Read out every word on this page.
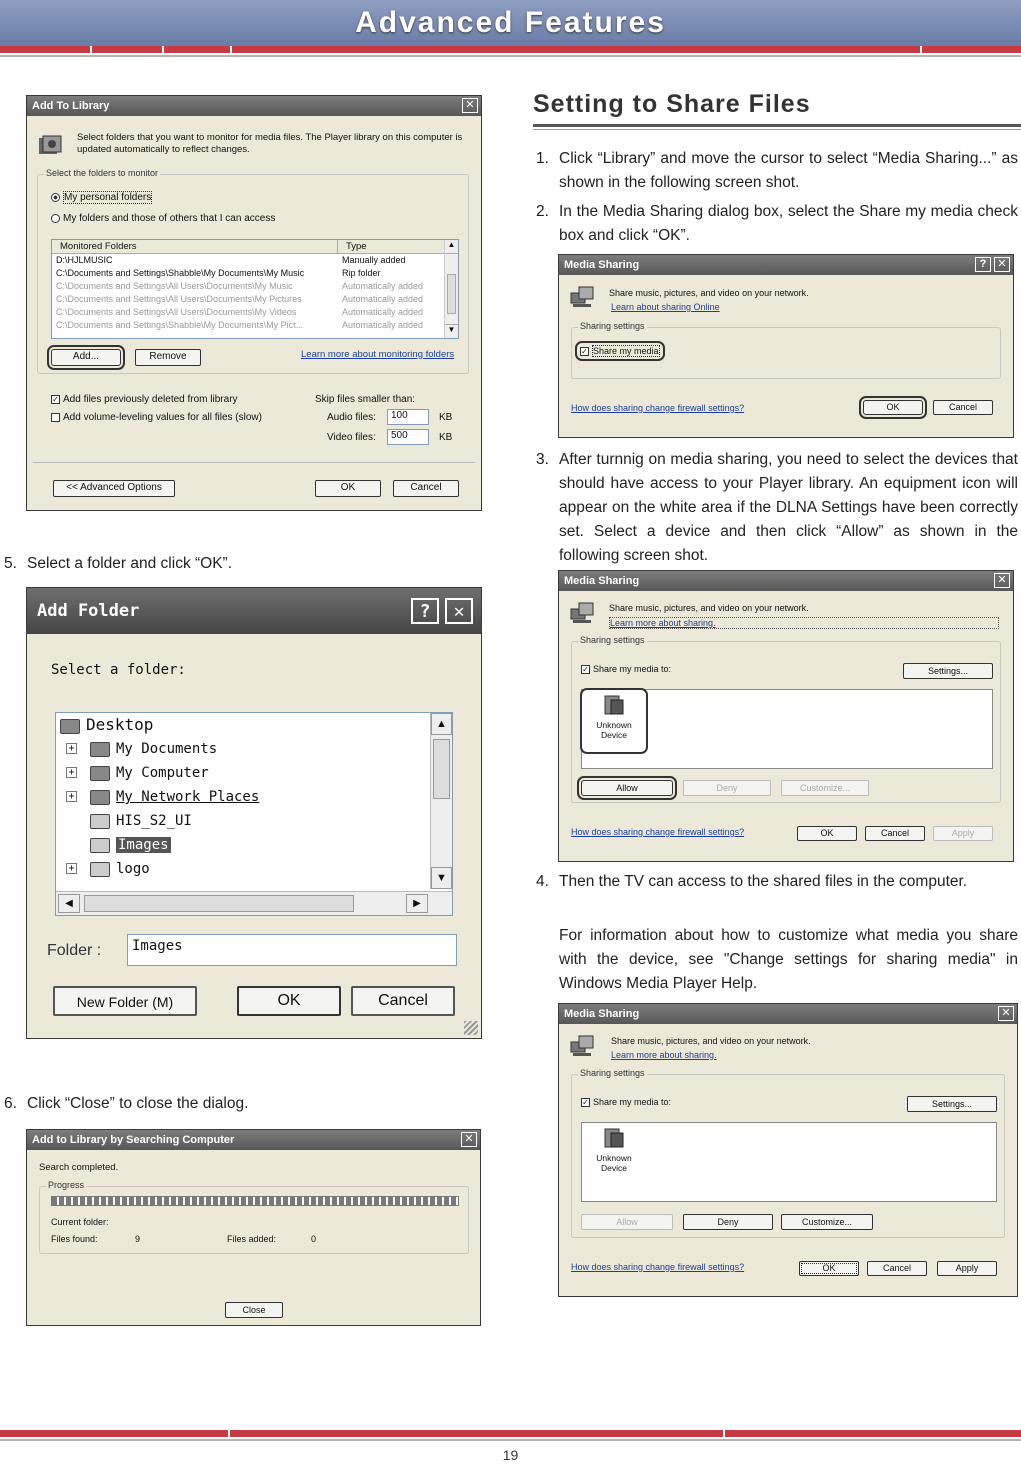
Advanced Features
Setting to Share Files
Add To Library	✕
Select folders that you want to monitor for media files. The Player library on this computer is updated automatically to reflect changes.
Select the folders to monitor
My personal folders
My folders and those of others that I can access
Monitored Folders	Type
D:\HJLMUSIC	Manually added
C:\Documents and Settings\Shabble\My Documents\My Music	Rip folder
C:\Documents and Settings\All Users\Documents\My Music	Automatically added
C:\Documents and Settings\All Users\Documents\My Pictures	Automatically added
C:\Documents and Settings\All Users\Documents\My Videos	Automatically added
C:\Documents and Settings\Shabble\My Documents\My Pict...	Automatically added
▲
▼
Add...	Remove	Learn more about monitoring folders
✓ Add files previously deleted from library
Add volume-leveling values for all files (slow)
Skip files smaller than:
Audio files:	100	KB
Video files:	500	KB
<< Advanced Options	OK	Cancel
5. Select a folder and click “OK”.
Add Folder	?	✕
Select a folder:
Desktop
+	My Documents
+	My Computer
+	My Network Places
HIS_S2_UI
Images
+	logo
▲
▼
◀	▶
Folder :	Images
New Folder (M)	OK	Cancel
6. Click “Close” to close the dialog.
Add to Library by Searching Computer	✕
Search completed.
Progress
Current folder:
Files found:	9	Files added:	0
Close
1. Click “Library” and move the cursor to select “Media Sharing...” as shown in the following screen shot.
2. In the Media Sharing dialog box, select the Share my media check box and click “OK”.
Media Sharing	?	✕
Share music, pictures, and video on your network.
Learn about sharing Online
Sharing settings
✓ Share my media
How does sharing change firewall settings?	OK	Cancel
3. After turnnig on media sharing, you need to select the devices that should have access to your Player library. An equipment icon will appear on the white area if the DLNA Settings have been correctly set. Select a device and then click “Allow” as shown in the following screen shot.
Media Sharing	✕
Share music, pictures, and video on your network.
Learn more about sharing.
Sharing settings
✓ Share my media to:	Settings...
Unknown
Device
Allow	Deny	Customize...
How does sharing change firewall settings?	OK	Cancel	Apply
4. Then the TV can access to the shared files in the computer.
For information about how to customize what media you share with the device, see "Change settings for sharing media" in Windows Media Player Help.
Media Sharing	✕
Share music, pictures, and video on your network.
Learn more about sharing.
Sharing settings
✓ Share my media to:	Settings...
Unknown
Device
Allow	Deny	Customize...
How does sharing change firewall settings?	OK	Cancel	Apply
19
